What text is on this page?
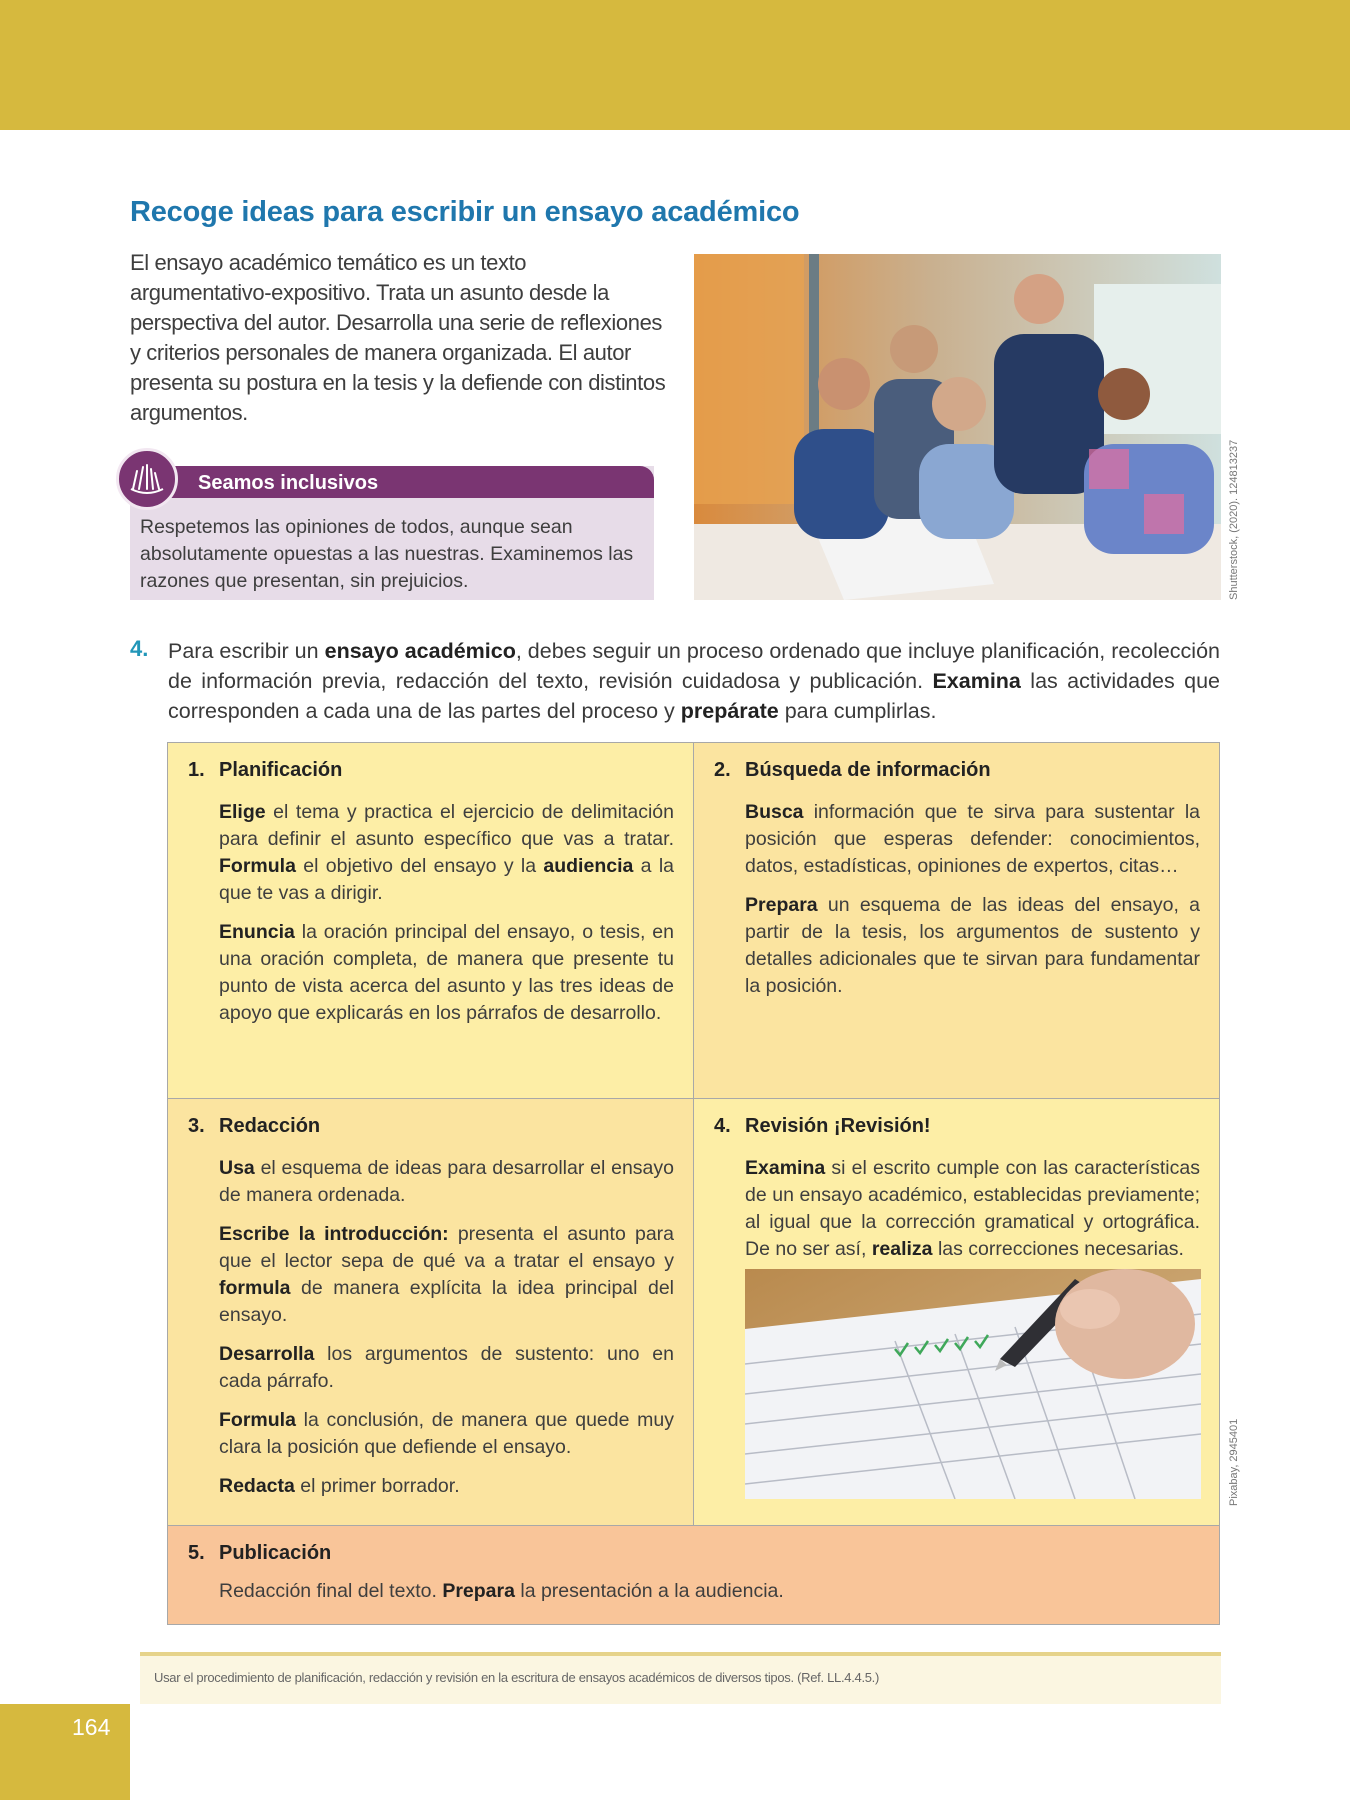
Recoge ideas para escribir un ensayo académico

El ensayo académico temático es un texto argumentativo-expositivo. Trata un asunto desde la perspectiva del autor. Desarrolla una serie de reflexiones y criterios personales de manera organizada. El autor presenta su postura en la tesis y la defiende con distintos argumentos.

Shutterstock, (2020). 124813237
Seamos inclusivos

Respetemos las opiniones de todos, aunque sean absolutamente opuestas a las nuestras. Examinemos las razones que presentan, sin prejuicios.

4. Para escribir un ensayo académico, debes seguir un proceso ordenado que incluye planificación, recolección de información previa, redacción del texto, revisión cuidadosa y publicación. Examina las actividades que corresponden a cada una de las partes del proceso y prepárate para cumplirlas.

1. Planificación

Elige el tema y practica el ejercicio de delimitación para definir el asunto específico que vas a tratar. Formula el objetivo del ensayo y la audiencia a la que te vas a dirigir.

Enuncia la oración principal del ensayo, o tesis, en una oración completa, de manera que presente tu punto de vista acerca del asunto y las tres ideas de apoyo que explicarás en los párrafos de desarrollo.

2. Búsqueda de información

Busca información que te sirva para sustentar la posición que esperas defender: conocimientos, datos, estadísticas, opiniones de expertos, citas…

Prepara un esquema de las ideas del ensayo, a partir de la tesis, los argumentos de sustento y detalles adicionales que te sirvan para fundamentar la posición.

3. Redacción

Usa el esquema de ideas para desarrollar el ensayo de manera ordenada.

Escribe la introducción: presenta el asunto para que el lector sepa de qué va a tratar el ensayo y formula de manera explícita la idea principal del ensayo.

Desarrolla los argumentos de sustento: uno en cada párrafo.

Formula la conclusión, de manera que quede muy clara la posición que defiende el ensayo.

Redacta el primer borrador.

4. Revisión ¡Revisión!

Examina si el escrito cumple con las características de un ensayo académico, establecidas previamente; al igual que la corrección gramatical y ortográfica. De no ser así, realiza las correcciones necesarias.

5. Publicación

Redacción final del texto. Prepara la presentación a la audiencia.

Pixabay, 2945401
Usar el procedimiento de planificación, redacción y revisión en la escritura de ensayos académicos de diversos tipos. (Ref. LL.4.4.5.)
164
